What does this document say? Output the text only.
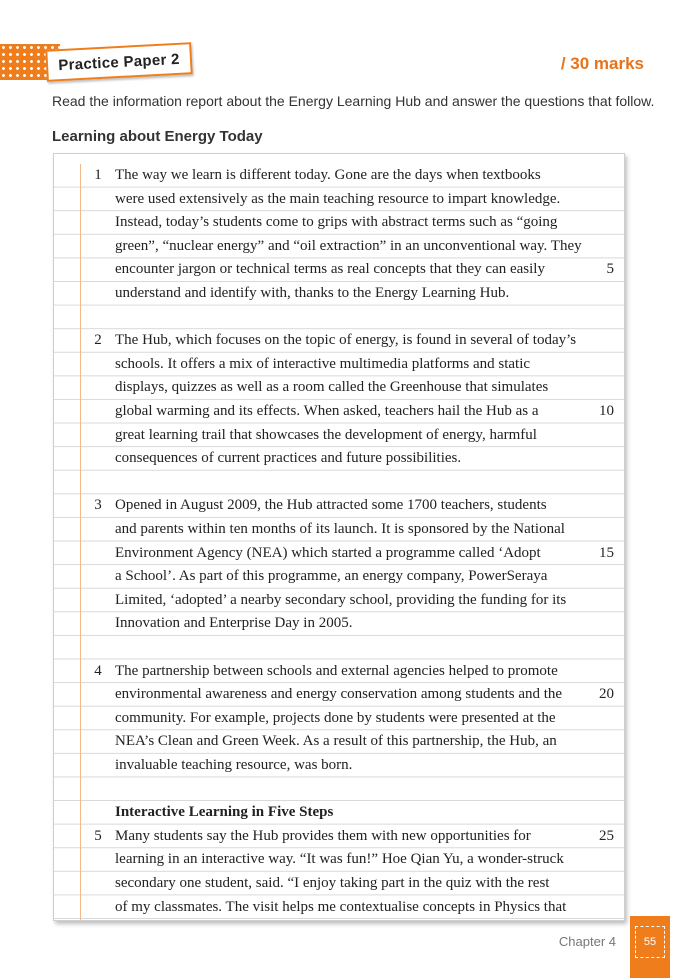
Practice Paper 2	/ 30 marks
Read the information report about the Energy Learning Hub and answer the questions that follow.
Learning about Energy Today
1 The way we learn is different today. Gone are the days when textbooks
were used extensively as the main teaching resource to impart knowledge.
Instead, today’s students come to grips with abstract terms such as “going
green”, “nuclear energy” and “oil extraction” in an unconventional way. They
encounter jargon or technical terms as real concepts that they can easily	5
understand and identify with, thanks to the Energy Learning Hub.
2 The Hub, which focuses on the topic of energy, is found in several of today’s
schools. It offers a mix of interactive multimedia platforms and static
displays, quizzes as well as a room called the Greenhouse that simulates
global warming and its effects. When asked, teachers hail the Hub as a	10
great learning trail that showcases the development of energy, harmful
consequences of current practices and future possibilities.
3 Opened in August 2009, the Hub attracted some 1700 teachers, students
and parents within ten months of its launch. It is sponsored by the National
Environment Agency (NEA) which started a programme called ‘Adopt	15
a School’. As part of this programme, an energy company, PowerSeraya
Limited, ‘adopted’ a nearby secondary school, providing the funding for its
Innovation and Enterprise Day in 2005.
4 The partnership between schools and external agencies helped to promote
environmental awareness and energy conservation among students and the	20
community. For example, projects done by students were presented at the
NEA’s Clean and Green Week. As a result of this partnership, the Hub, an
invaluable teaching resource, was born.
Interactive Learning in Five Steps
5 Many students say the Hub provides them with new opportunities for	25
learning in an interactive way. “It was fun!” Hoe Qian Yu, a wonder-struck
secondary one student, said. “I enjoy taking part in the quiz with the rest
of my classmates. The visit helps me contextualise concepts in Physics that
Chapter 4	55
